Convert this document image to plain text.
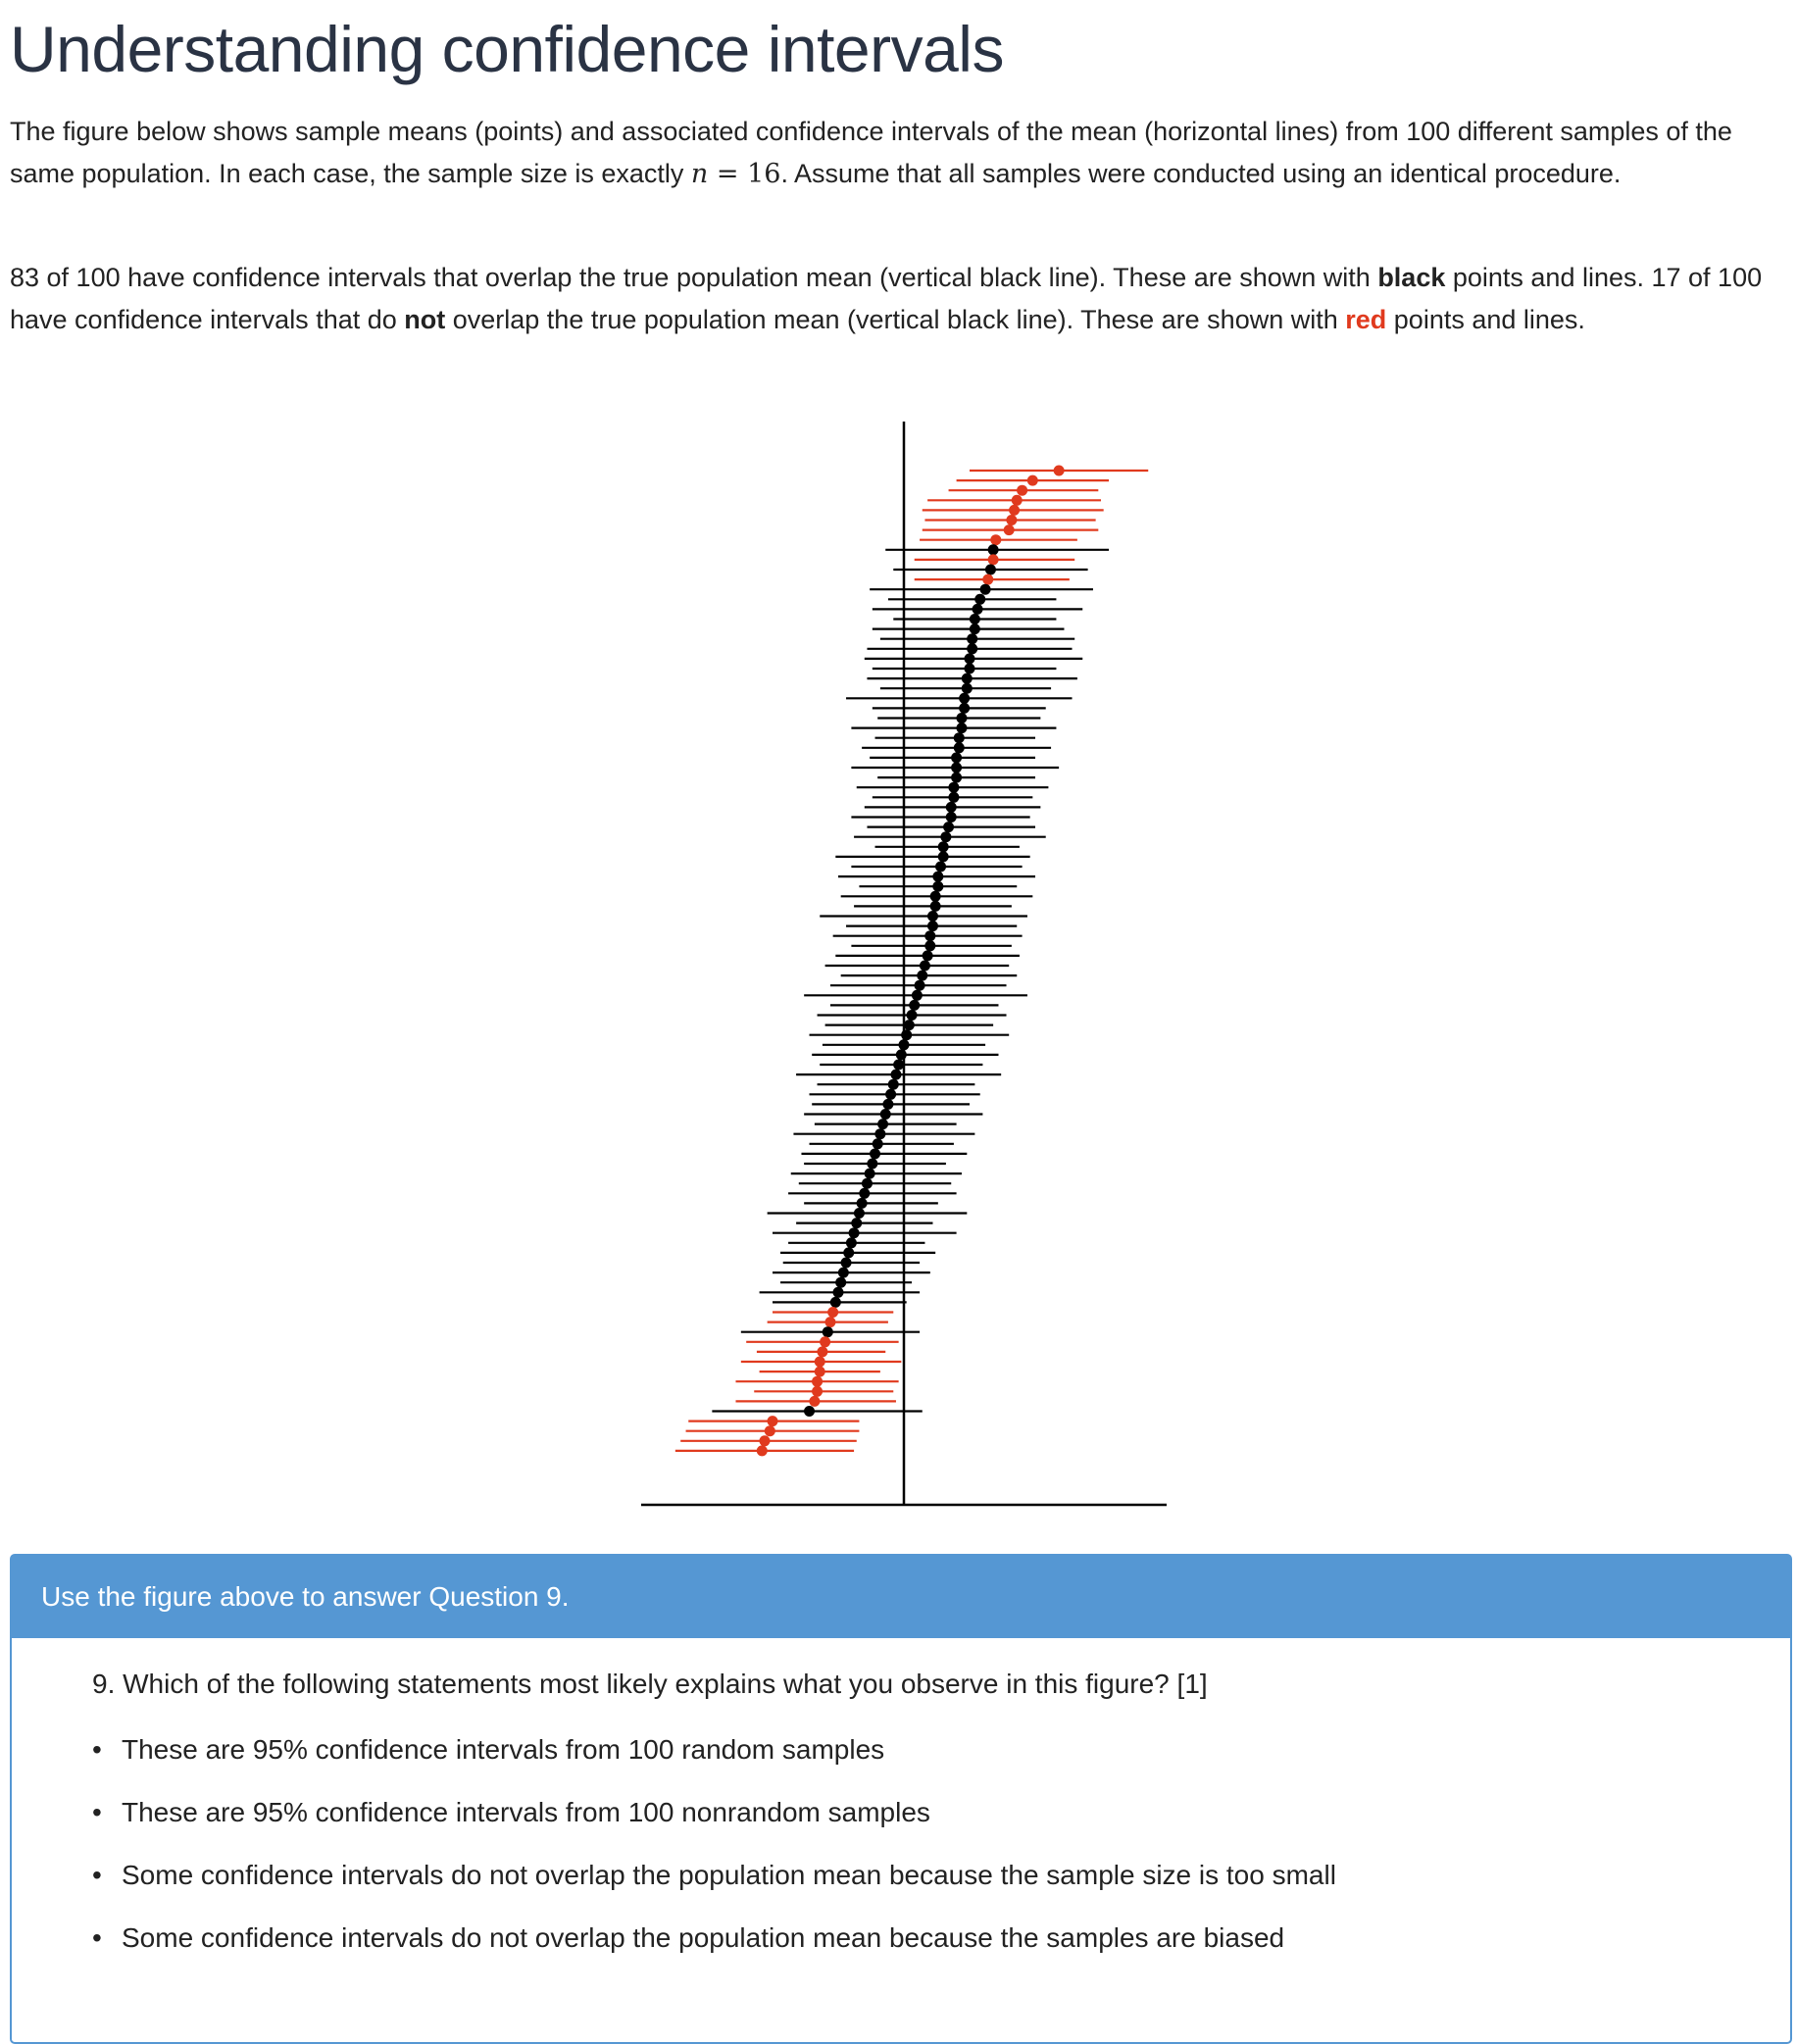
Understanding confidence intervals

The figure below shows sample means (points) and associated confidence intervals of the mean (horizontal lines) from 100 different samples of the same population. In each case, the sample size is exactly n = 16. Assume that all samples were conducted using an identical procedure.

83 of 100 have confidence intervals that overlap the true population mean (vertical black line). These are shown with black points and lines. 17 of 100 have confidence intervals that do not overlap the true population mean (vertical black line). These are shown with red points and lines.

Use the figure above to answer Question 9.

9. Which of the following statements most likely explains what you observe in this figure? [1]

• These are 95% confidence intervals from 100 random samples
• These are 95% confidence intervals from 100 nonrandom samples
• Some confidence intervals do not overlap the population mean because the sample size is too small
• Some confidence intervals do not overlap the population mean because the samples are biased
